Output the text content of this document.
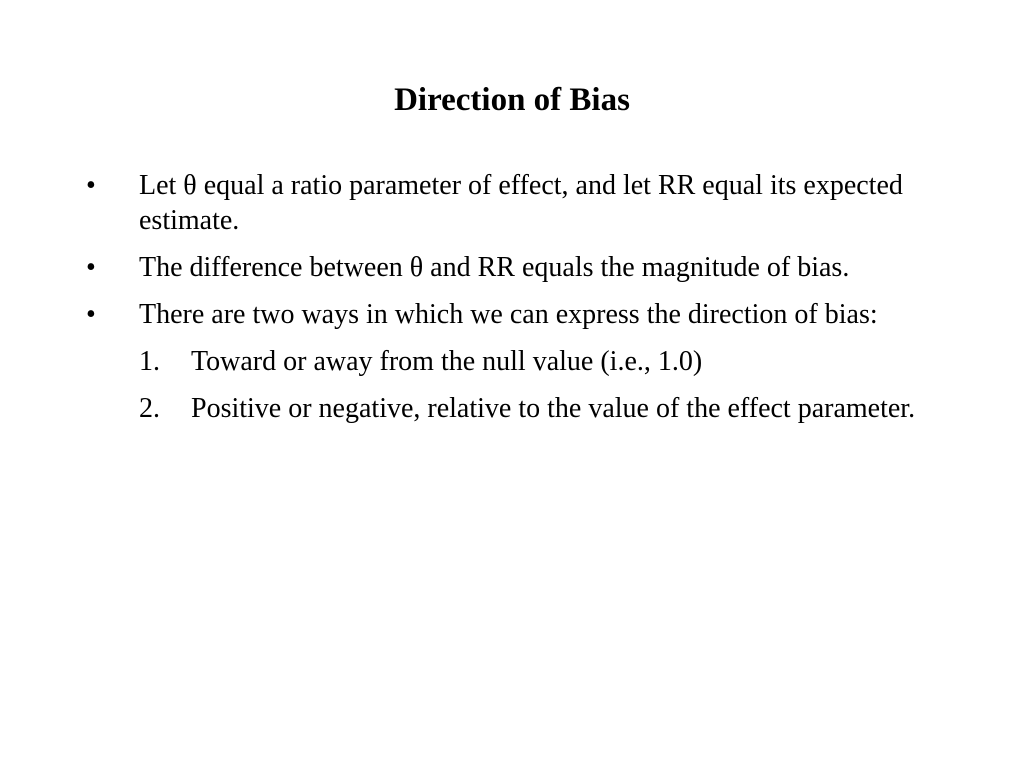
Direction of Bias
•	Let θ equal a ratio parameter of effect, and let RR equal its expected estimate.
•	The difference between θ and RR equals the magnitude of bias.
•	There are two ways in which we can express the direction of bias:
1.	Toward or away from the null value (i.e., 1.0)
2.	Positive or negative, relative to the value of the effect parameter.
